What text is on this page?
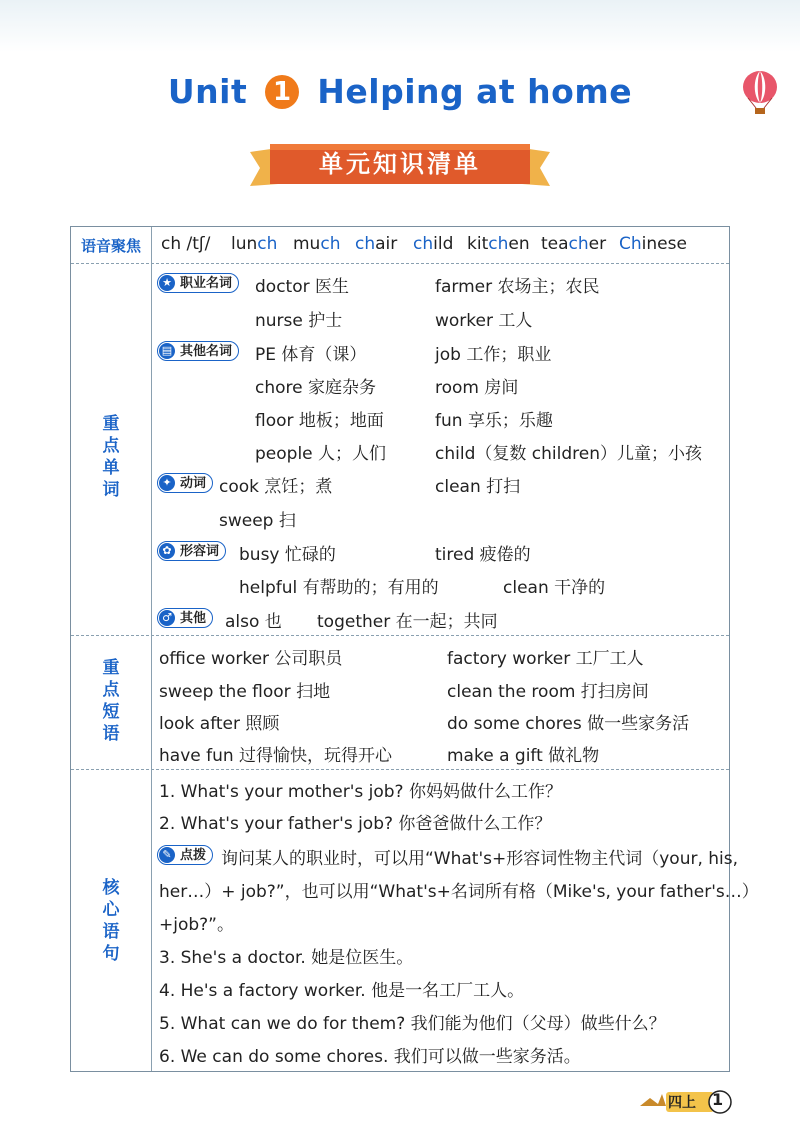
Unit 1 Helping at home
单元知识清单
语音聚焦	ch /tʃ/ lunch much chair child kitchen teacher Chinese
重点单词
★ 职业名词	doctor 医生	farmer 农场主；农民
nurse 护士	worker 工人
▤ 其他名词	PE 体育（课）	job 工作；职业
chore 家庭杂务	room 房间
floor 地板；地面	fun 享乐；乐趣
people 人；人们	child（复数 children）儿童；小孩
✦ 动词 cook 烹饪；煮	clean 打扫
sweep 扫
✿ 形容词	busy 忙碌的	tired 疲倦的
helpful 有帮助的；有用的	clean 干净的
♂ 其他	also 也 together 在一起；共同
重点短语
office worker 公司职员	factory worker 工厂工人
sweep the floor 扫地	clean the room 打扫房间
look after 照顾	do some chores 做一些家务活
have fun 过得愉快，玩得开心	make a gift 做礼物
核心语句
1. What's your mother's job? 你妈妈做什么工作？
2. What's your father's job? 你爸爸做什么工作？
✎ 点拨 询问某人的职业时，可以用“What's+形容词性物主代词（your, his,
her…）+ job?”，也可以用“What's+名词所有格（Mike's, your father's…）
+job?”。
3. She's a doctor. 她是位医生。
4. He's a factory worker. 他是一名工厂工人。
5. What can we do for them? 我们能为他们（父母）做些什么？
6. We can do some chores. 我们可以做一些家务活。
四上 1
